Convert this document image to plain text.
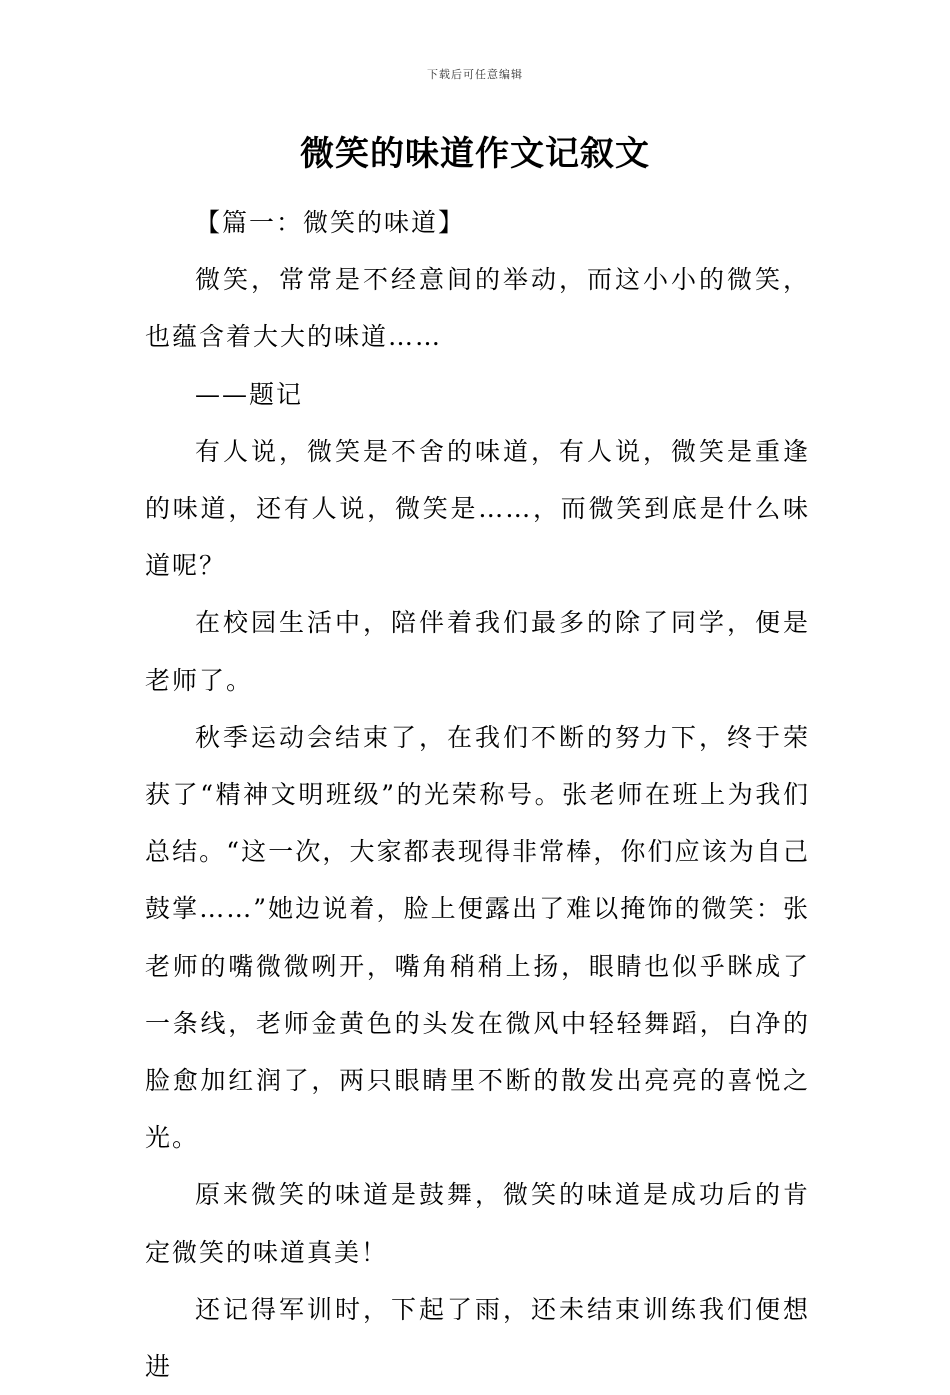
下载后可任意编辑
微笑的味道作文记叙文

【篇一：微笑的味道】

微笑，常常是不经意间的举动，而这小小的微笑，也蕴含着大大的味道……

——题记

有人说，微笑是不舍的味道，有人说，微笑是重逢的味道，还有人说，微笑是……，而微笑到底是什么味道呢？

在校园生活中，陪伴着我们最多的除了同学，便是老师了。

秋季运动会结束了，在我们不断的努力下，终于荣获了“精神文明班级”的光荣称号。张老师在班上为我们总结。“这一次，大家都表现得非常棒，你们应该为自己鼓掌……”她边说着，脸上便露出了难以掩饰的微笑：张老师的嘴微微咧开，嘴角稍稍上扬，眼睛也似乎眯成了一条线，老师金黄色的头发在微风中轻轻舞蹈，白净的脸愈加红润了，两只眼睛里不断的散发出亮亮的喜悦之光。

原来微笑的味道是鼓舞，微笑的味道是成功后的肯定微笑的味道真美！

还记得军训时，下起了雨，还未结束训练我们便想进
